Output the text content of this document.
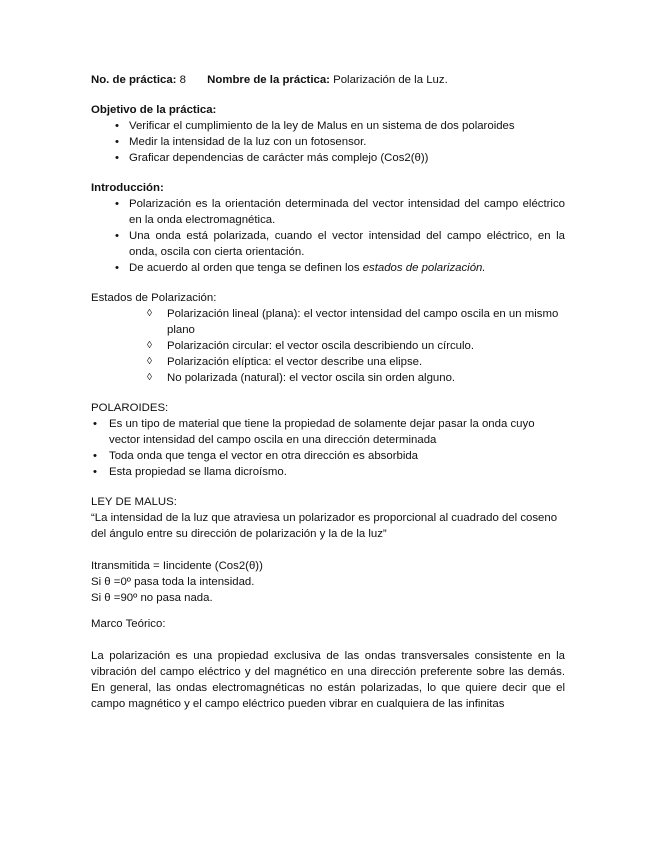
No. de práctica: 8 Nombre de la práctica: Polarización de la Luz.

Objetivo de la práctica:

• Verificar el cumplimiento de la ley de Malus en un sistema de dos polaroides
• Medir la intensidad de la luz con un fotosensor.
• Graficar dependencias de carácter más complejo (Cos2(θ))

Introducción:

• Polarización es la orientación determinada del vector intensidad del campo eléctrico en la onda electromagnética.
• Una onda está polarizada, cuando el vector intensidad del campo eléctrico, en la onda, oscila con cierta orientación.
• De acuerdo al orden que tenga se definen los estados de polarización.

Estados de Polarización:

◊ Polarización lineal (plana): el vector intensidad del campo oscila en un mismo plano
◊ Polarización circular: el vector oscila describiendo un círculo.
◊ Polarización elíptica: el vector describe una elipse.
◊ No polarizada (natural): el vector oscila sin orden alguno.

POLAROIDES:

• Es un tipo de material que tiene la propiedad de solamente dejar pasar la onda cuyo vector intensidad del campo oscila en una dirección determinada
• Toda onda que tenga el vector en otra dirección es absorbida
• Esta propiedad se llama dicroísmo.

LEY DE MALUS:

“La intensidad de la luz que atraviesa un polarizador es proporcional al cuadrado del coseno del ángulo entre su dirección de polarización y la de la luz”

Itransmitida = Iincidente (Cos2(θ))

Si θ =0º pasa toda la intensidad.

Si θ =90º no pasa nada.

Marco Teórico:

La polarización es una propiedad exclusiva de las ondas transversales consistente en la vibración del campo eléctrico y del magnético en una dirección preferente sobre las demás. En general, las ondas electromagnéticas no están polarizadas, lo que quiere decir que el campo magnético y el campo eléctrico pueden vibrar en cualquiera de las infinitas
